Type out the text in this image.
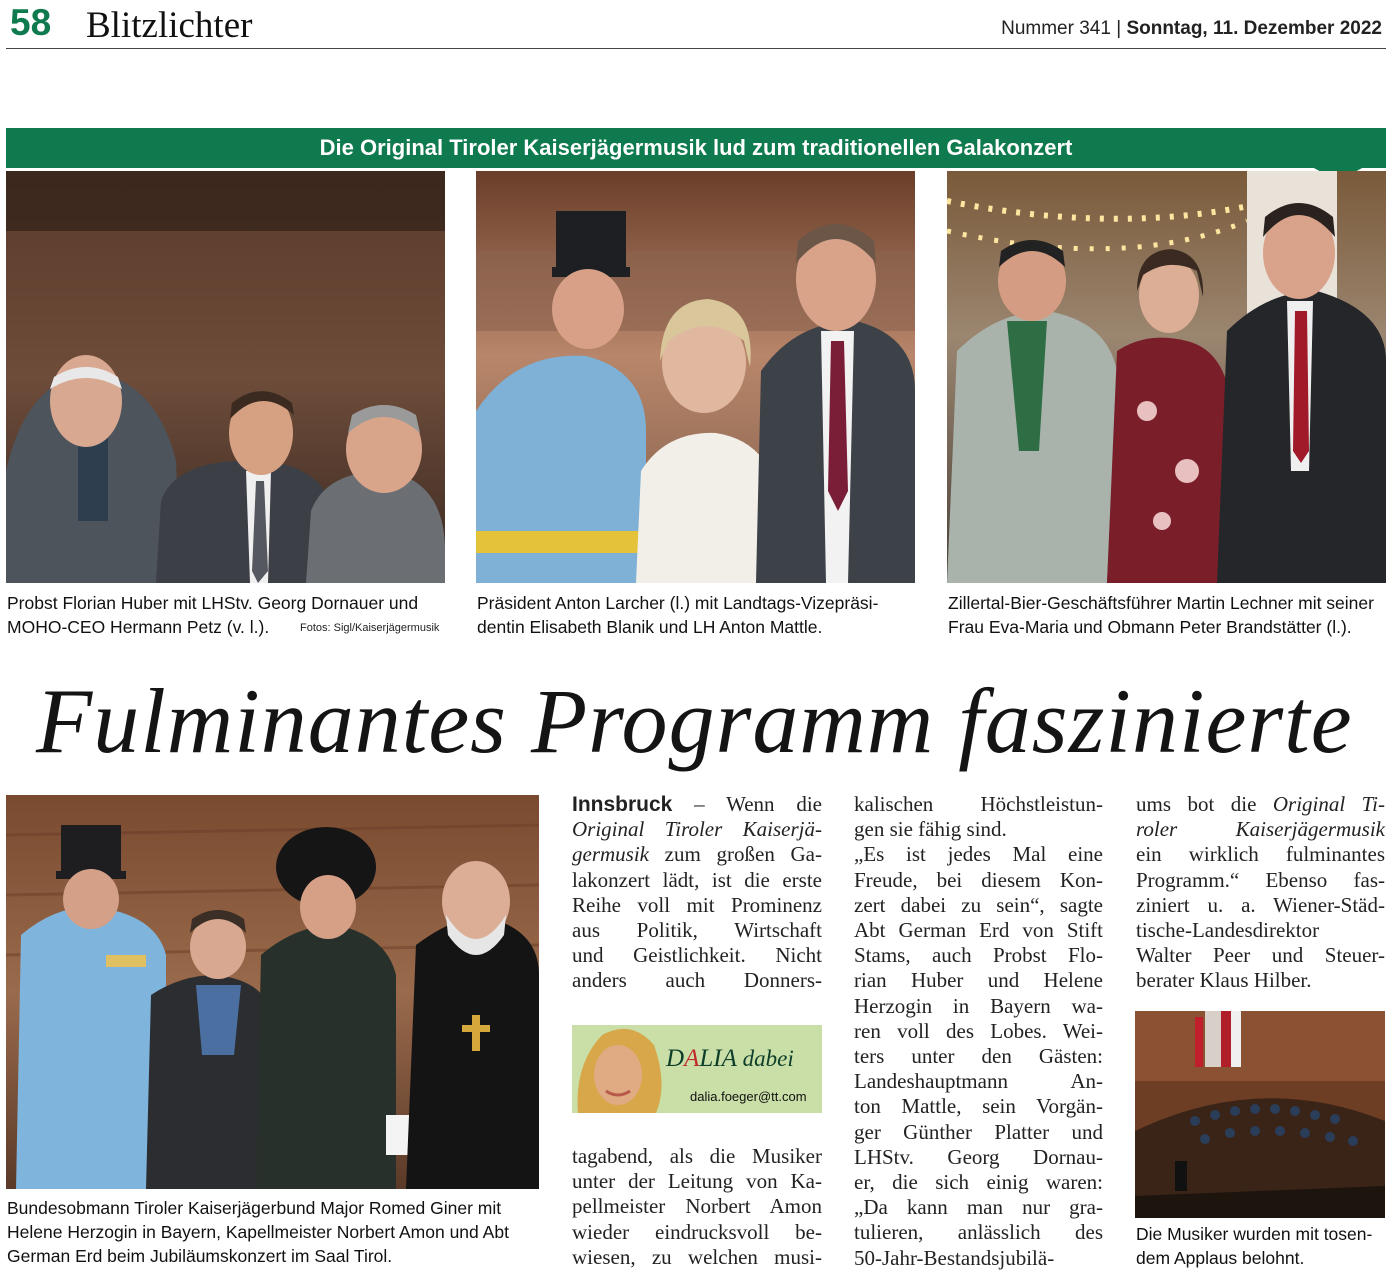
58 Blitzlichter	Nummer 341 | Sonntag, 11. Dezember 2022
Die Original Tiroler Kaiserjägermusik lud zum traditionellen Galakonzert
Probst Florian Huber mit LHStv. Georg Dornauer und
MOHO-CEO Hermann Petz (v. l.).	Fotos: Sigl/Kaiserjägermusik
Präsident Anton Larcher (l.) mit Landtags-Vizepräsi-
dentin Elisabeth Blanik und LH Anton Mattle.
Zillertal-Bier-Geschäftsführer Martin Lechner mit seiner
Frau Eva-Maria und Obmann Peter Brandstätter (l.).
Fulminantes Programm faszinierte
Bundesobmann Tiroler Kaiserjägerbund Major Romed Giner mit
Helene Herzogin in Bayern, Kapellmeister Norbert Amon und Abt
German Erd beim Jubiläumskonzert im Saal Tirol.
Innsbruck – Wenn die
Original Tiroler Kaiserjä-
germusik zum großen Ga-
lakonzert lädt, ist die erste
Reihe voll mit Prominenz
aus Politik, Wirtschaft
und Geistlichkeit. Nicht
anders auch Donners-
DALIA dabei
dalia.foeger@tt.com
tagabend, als die Musiker
unter der Leitung von Ka-
pellmeister Norbert Amon
wieder eindrucksvoll be-
wiesen, zu welchen musi-
kalischen Höchstleistun-
gen sie fähig sind.
„Es ist jedes Mal eine
Freude, bei diesem Kon-
zert dabei zu sein“, sagte
Abt German Erd von Stift
Stams, auch Probst Flo-
rian Huber und Helene
Herzogin in Bayern wa-
ren voll des Lobes. Wei-
ters unter den Gästen:
Landeshauptmann An-
ton Mattle, sein Vorgän-
ger Günther Platter und
LHStv. Georg Dornau-
er, die sich einig waren:
„Da kann man nur gra-
tulieren, anlässlich des
50-Jahr-Bestandsjubilä-
ums bot die Original Ti-
roler Kaiserjägermusik
ein wirklich fulminantes
Programm.“ Ebenso fas-
ziniert u. a. Wiener-Städ-
tische-Landesdirektor
Walter Peer und Steuer-
berater Klaus Hilber.
Die Musiker wurden mit tosen-
dem Applaus belohnt.
